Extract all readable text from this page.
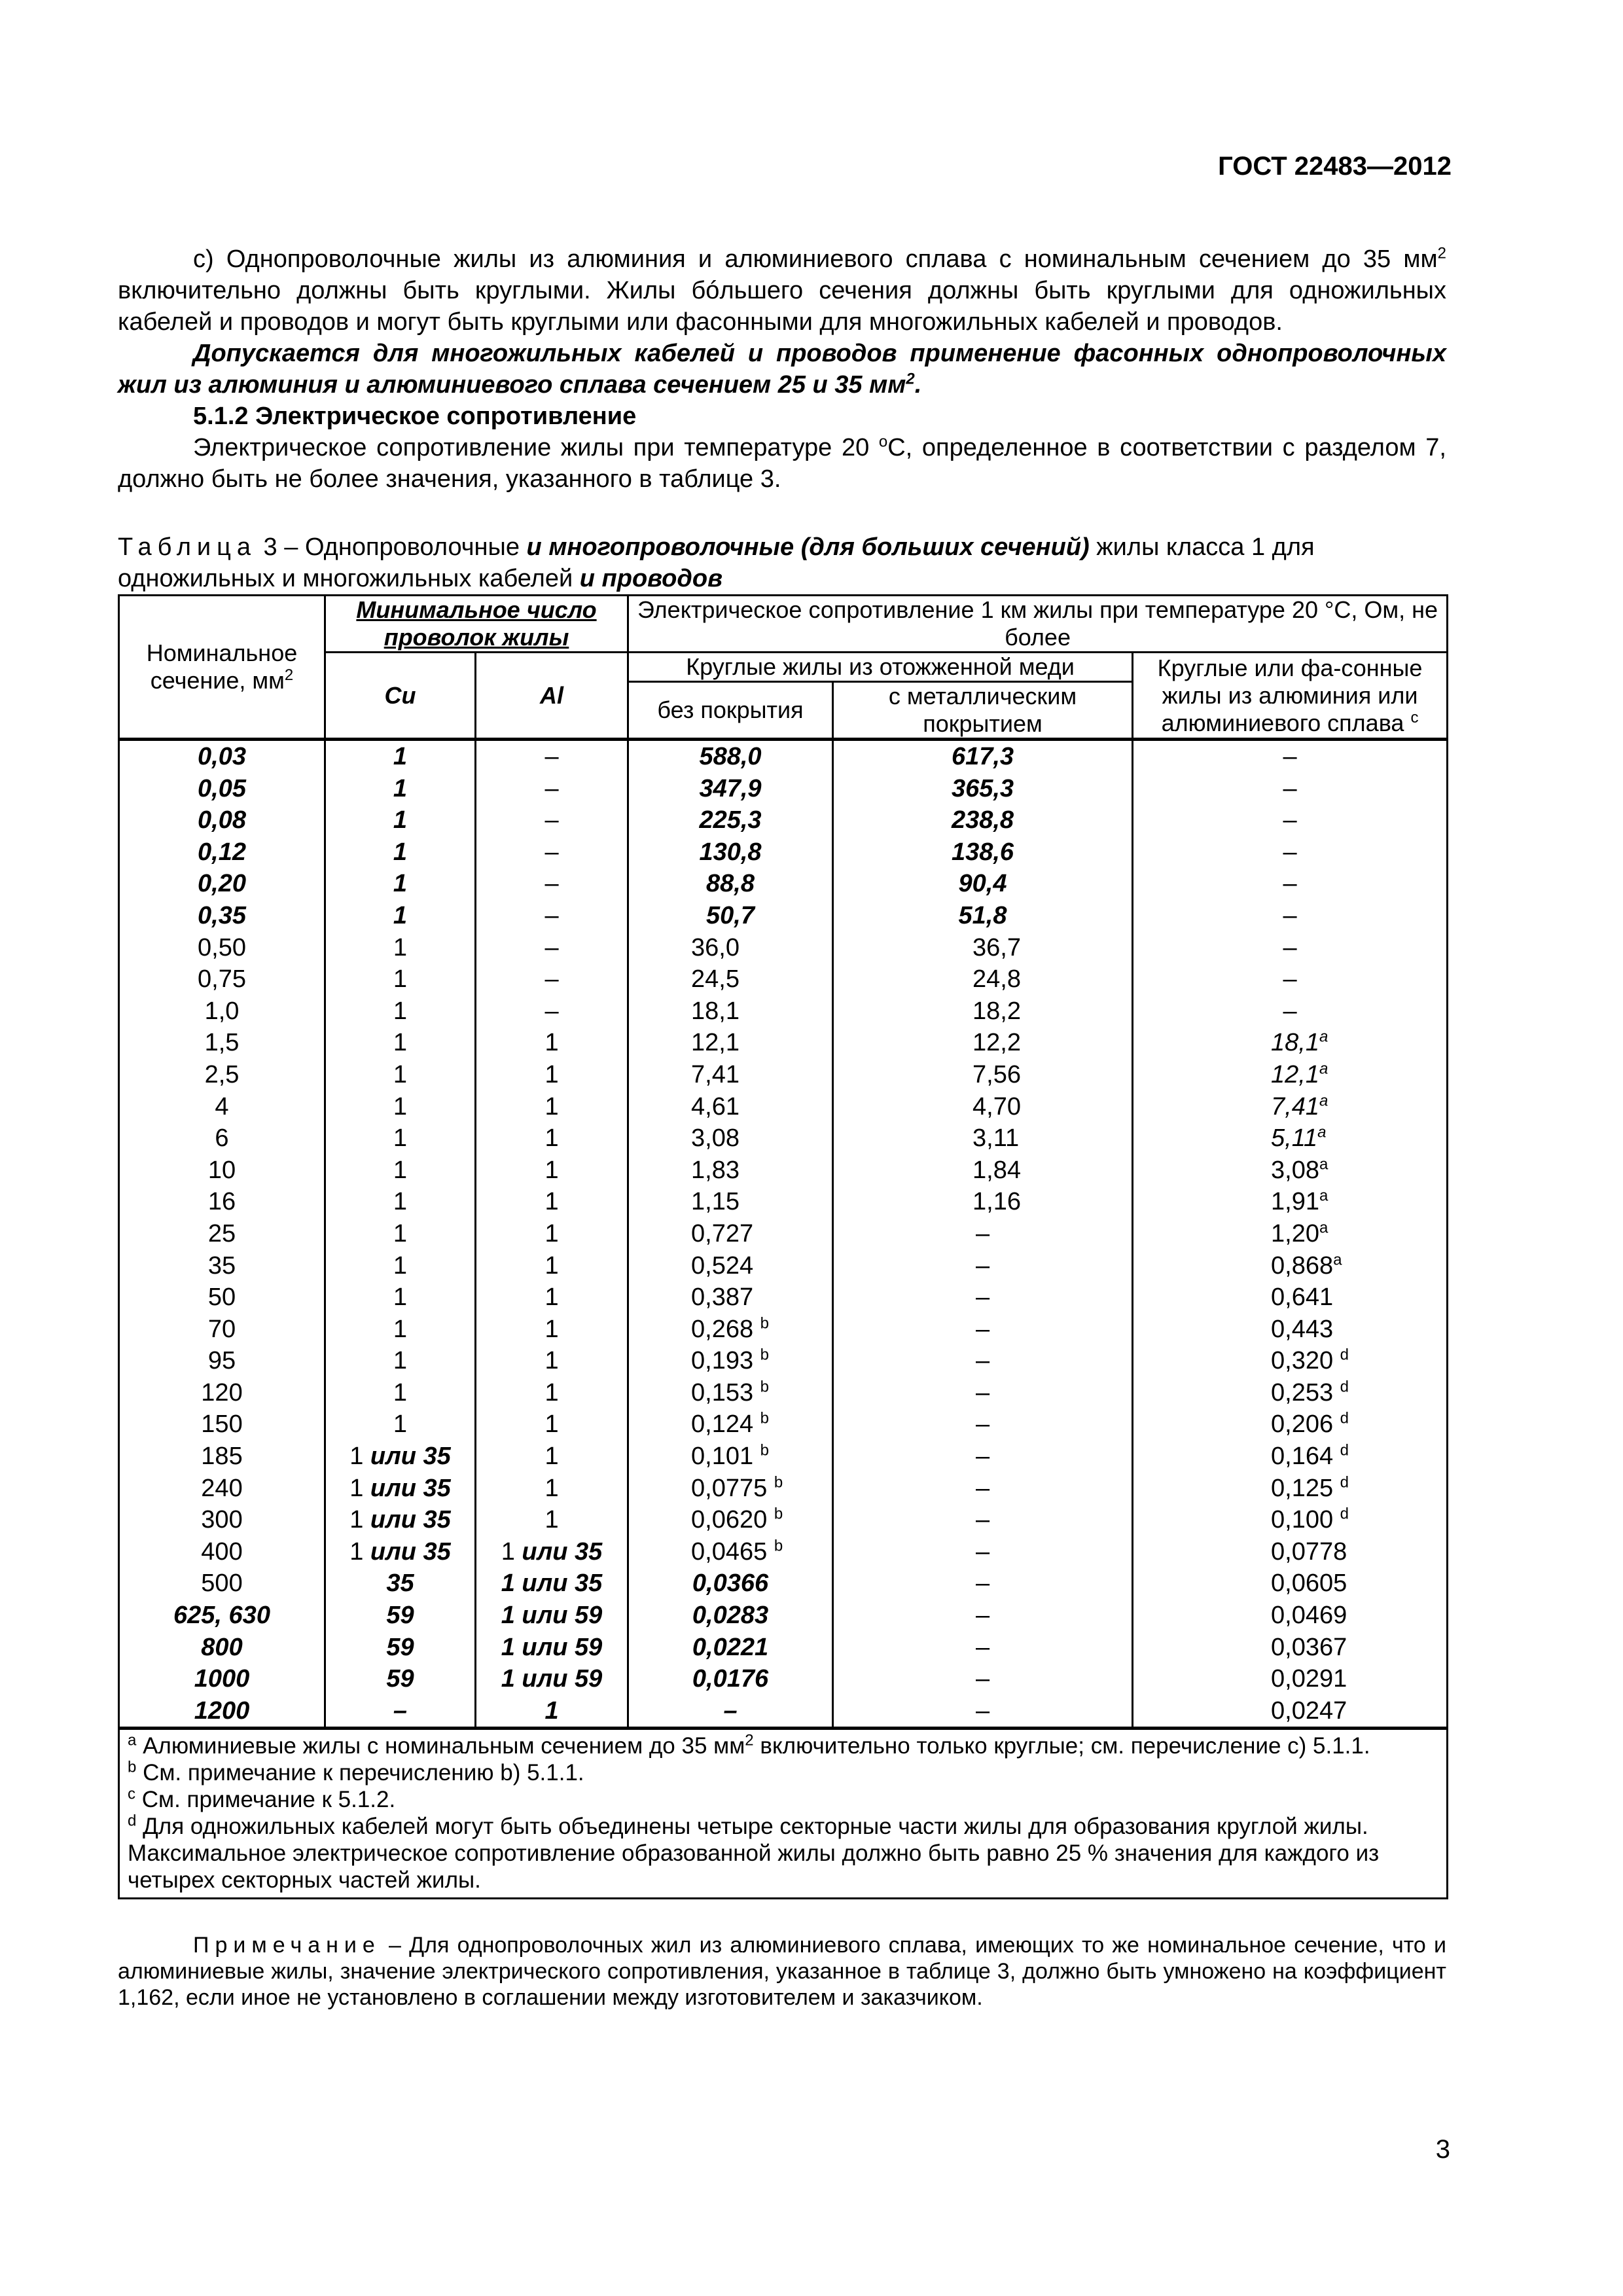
ГОСТ 22483—2012

с) Однопроволочные жилы из алюминия и алюминиевого сплава с номинальным сечением до 35 $мм^2$ включительно должны быть круглыми. Жилы бóльшего сечения должны быть круглыми для одножильных кабелей и проводов и могут быть круглыми или фасонными для многожильных кабелей и проводов.

Допускается для многожильных кабелей и проводов применение фасонных однопроволочных жил из алюминия и алюминиевого сплава сечением 25 и 35 $мм^2$.

5.1.2 Электрическое сопротивление

Электрическое сопротивление жилы при температуре 20 $^о$С, определенное в соответствии с разделом 7, должно быть не более значения, указанного в таблице 3.

Таблица 3 – Однопроволочные и многопроволочные (для больших сечений) жилы класса 1 для одножильных и многожильных кабелей и проводов

Номинальное сечение, $мм^2$	Минимальное число проволок жилы		Электрическое сопротивление 1 км жилы при температуре 20 °С, Ом, не более		
	Cu	Al	Круглые жилы из отожженной меди		Круглые или фа-сонные жилы из алюминия или алюминиевого сплава $^c$
			без покрытия	с металлическим покрытием	
0,03	1	–	588,0	617,3	–
0,05	1	–	347,9	365,3	–
0,08	1	–	225,3	238,8	–
0,12	1	–	130,8	138,6	–
0,20	1	–	88,8	90,4	–
0,35	1	–	50,7	51,8	–
0,50	1	–	36,0	36,7	–
0,75	1	–	24,5	24,8	–
1,0	1	–	18,1	18,2	–
1,5	1	1	12,1	12,2	18,1$^a$
2,5	1	1	7,41	7,56	12,1$^a$
4	1	1	4,61	4,70	7,41$^a$
6	1	1	3,08	3,11	5,11$^a$
10	1	1	1,83	1,84	3,08$^a$
16	1	1	1,15	1,16	1,91$^a$
25	1	1	0,727	–	1,20$^a$
35	1	1	0,524	–	0,868$^a$
50	1	1	0,387	–	0,641
70	1	1	0,268 $^b$	–	0,443
95	1	1	0,193 $^b$	–	0,320 $^d$
120	1	1	0,153 $^b$	–	0,253 $^d$
150	1	1	0,124 $^b$	–	0,206 $^d$
185	1 или 35	1	0,101 $^b$	–	0,164 $^d$
240	1 или 35	1	0,0775 $^b$	–	0,125 $^d$
300	1 или 35	1	0,0620 $^b$	–	0,100 $^d$
400	1 или 35	1 или 35	0,0465 $^b$	–	0,0778
500	35	1 или 35	0,0366	–	0,0605
625, 630	59	1 или 59	0,0283	–	0,0469
800	59	1 или 59	0,0221	–	0,0367
1000	59	1 или 59	0,0176	–	0,0291
1200	–	1	–	–	0,0247

$^a$ Алюминиевые жилы с номинальным сечением до 35 $мм^2$ включительно только круглые; см. перечисление с) 5.1.1.
$^b$ См. примечание к перечислению b) 5.1.1.
$^c$ См. примечание к 5.1.2.
$^d$ Для одножильных кабелей могут быть объединены четыре секторные части жилы для образования круглой жилы. Максимальное электрическое сопротивление образованной жилы должно быть равно 25 % значения для каждого из четырех секторных частей жилы.					

Примечание – Для однопроволочных жил из алюминиевого сплава, имеющих то же номинальное сечение, что и алюминиевые жилы, значение электрического сопротивления, указанное в таблице 3, должно быть умножено на коэффициент 1,162, если иное не установлено в соглашении между изготовителем и заказчиком.

3
